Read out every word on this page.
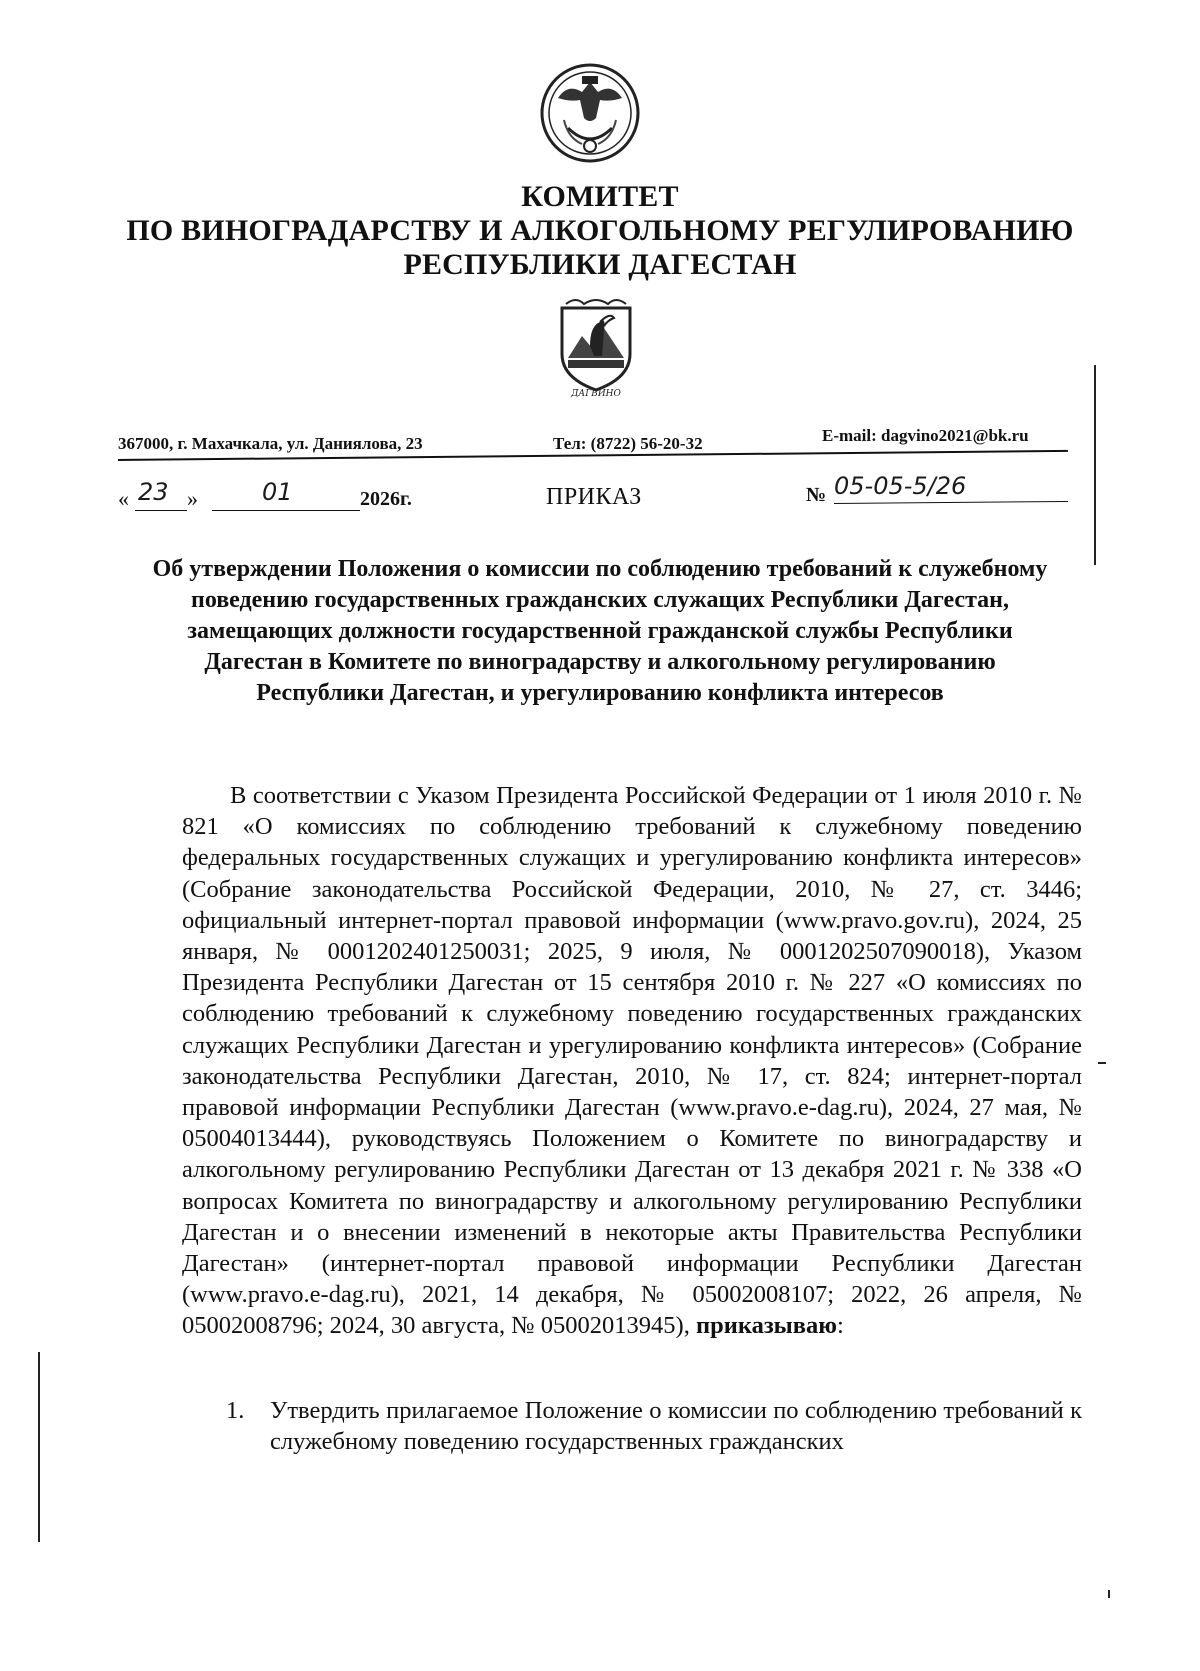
КОМИТЕТ
ПО ВИНОГРАДАРСТВУ И АЛКОГОЛЬНОМУ РЕГУЛИРОВАНИЮ
РЕСПУБЛИКИ ДАГЕСТАН
ДАГВИНО
367000, г. Махачкала, ул. Даниялова, 23	Тел: (8722) 56-20-32	E-mail: dagvino2021@bk.ru
« 23 »	01	2026г.	ПРИКАЗ	№ 05-05-5/26
Об утверждении Положения о комиссии по соблюдению требований к служебному поведению государственных гражданских служащих Республики Дагестан, замещающих должности государственной гражданской службы Республики Дагестан в Комитете по виноградарству и алкогольному регулированию Республики Дагестан, и урегулированию конфликта интересов

В соответствии с Указом Президента Российской Федерации от 1 июля 2010 г. № 821 «О комиссиях по соблюдению требований к служебному поведению федеральных государственных служащих и урегулированию конфликта интересов» (Собрание законодательства Российской Федерации, 2010, № 27, ст. 3446; официальный интернет-портал правовой информации (www.pravo.gov.ru), 2024, 25 января, № 0001202401250031; 2025, 9 июля, № 0001202507090018), Указом Президента Республики Дагестан от 15 сентября 2010 г. № 227 «О комиссиях по соблюдению требований к служебному поведению государственных гражданских служащих Республики Дагестан и урегулированию конфликта интересов» (Собрание законодательства Республики Дагестан, 2010, № 17, ст. 824; интернет-портал правовой информации Республики Дагестан (www.pravo.e-dag.ru), 2024, 27 мая, № 05004013444), руководствуясь Положением о Комитете по виноградарству и алкогольному регулированию Республики Дагестан от 13 декабря 2021 г. № 338 «О вопросах Комитета по виноградарству и алкогольному регулированию Республики Дагестан и о внесении изменений в некоторые акты Правительства Республики Дагестан» (интернет-портал правовой информации Республики Дагестан (www.pravo.e-dag.ru), 2021, 14 декабря, № 05002008107; 2022, 26 апреля, № 05002008796; 2024, 30 августа, № 05002013945), приказываю:

1.	Утвердить прилагаемое Положение о комиссии по соблюдению требований к служебному поведению государственных гражданских
